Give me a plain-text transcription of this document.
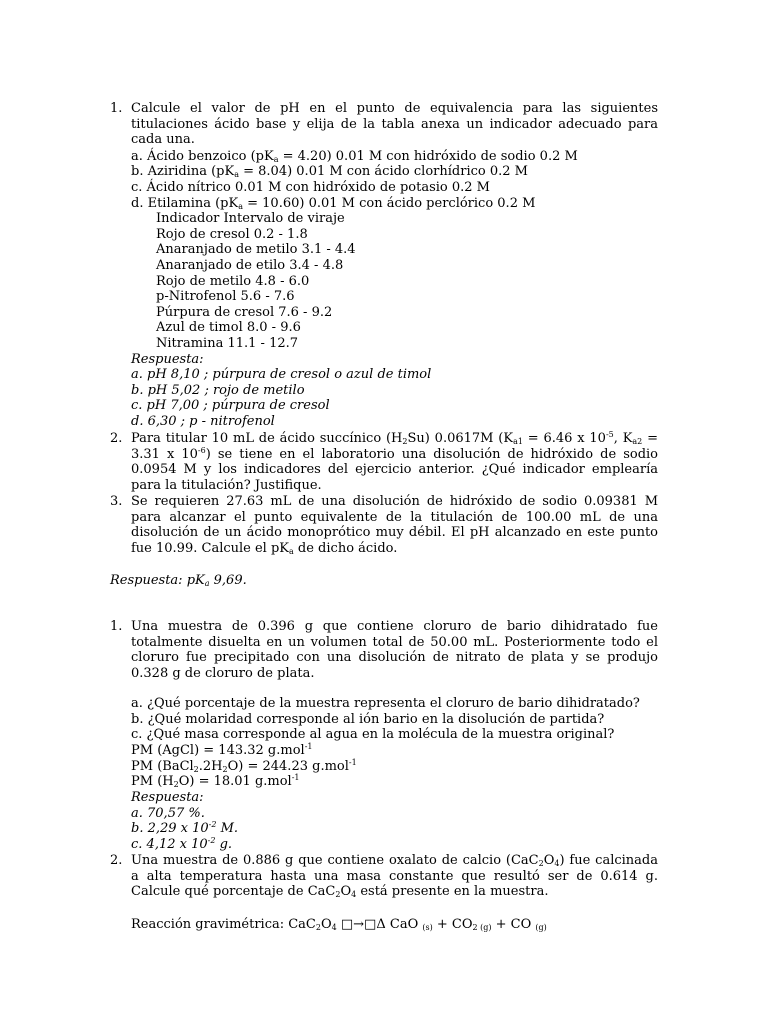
1. Calcule el valor de pH en el punto de equivalencia para las siguientes titulaciones ácido base y elija de la tabla anexa un indicador adecuado para cada una.
a. Ácido benzoico $(pK_a = 4.20)$ 0.01 M con hidróxido de sodio 0.2 M
b. Aziridina $(pK_a = 8.04)$ 0.01 M con ácido clorhídrico 0.2 M
c. Ácido nítrico 0.01 M con hidróxido de potasio 0.2 M
d. Etilamina $(pK_a = 10.60)$ 0.01 M con ácido perclórico 0.2 M
Indicador Intervalo de viraje
Rojo de cresol 0.2 - 1.8
Anaranjado de metilo 3.1 - 4.4
Anaranjado de etilo 3.4 - 4.8
Rojo de metilo 4.8 - 6.0
p-Nitrofenol 5.6 - 7.6
Púrpura de cresol 7.6 - 9.2
Azul de timol 8.0 - 9.6
Nitramina 11.1 - 12.7
Respuesta:
a. pH 8,10 ; púrpura de cresol o azul de timol
b. pH 5,02 ; rojo de metilo
c. pH 7,00 ; púrpura de cresol
d. 6,30 ; p - nitrofenol
2. Para titular 10 mL de ácido succínico $(H_2Su)$ 0.0617M ($K_{a1} = 6.46$ x $10^{-5}$, $K_{a2} = 3.31$ x $10^{-6}$) se tiene en el laboratorio una disolución de hidróxido de sodio 0.0954 M y los indicadores del ejercicio anterior. ¿Qué indicador emplearía para la titulación? Justifique.
3. Se requieren 27.63 mL de una disolución de hidróxido de sodio 0.09381 M para alcanzar el punto equivalente de la titulación de 100.00 mL de una disolución de un ácido monoprótico muy débil. El pH alcanzado en este punto fue 10.99. Calcule el $pK_a$ de dicho ácido.
Respuesta: $pK_a$ 9,69.
1. Una muestra de 0.396 g que contiene cloruro de bario dihidratado fue totalmente disuelta en un volumen total de 50.00 mL. Posteriormente todo el cloruro fue precipitado con una disolución de nitrato de plata y se produjo 0.328 g de cloruro de plata.
a. ¿Qué porcentaje de la muestra representa el cloruro de bario dihidratado?
b. ¿Qué molaridad corresponde al ión bario en la disolución de partida?
c. ¿Qué masa corresponde al agua en la molécula de la muestra original?
PM (AgCl) = 143.32 g.mol$^{-1}$
PM $(BaCl_2.2H_2O) = 244.23$ g.mol$^{-1}$
PM $(H_2O) = 18.01$ g.mol$^{-1}$
Respuesta:
a. 70,57 %.
b. 2,29 x $10^{-2}$ M.
c. 4,12 x $10^{-2}$ g.
2. Una muestra de 0.886 g que contiene oxalato de calcio $(CaC_2O_4)$ fue calcinada a alta temperatura hasta una masa constante que resultó ser de 0.614 g. Calcule qué porcentaje de $CaC_2O_4$ está presente en la muestra.
Reacción gravimétrica: $CaC_2O_4$ □→□Δ CaO $_{(s)} + CO_{2 (g)}$ + CO $_{(g)}$
